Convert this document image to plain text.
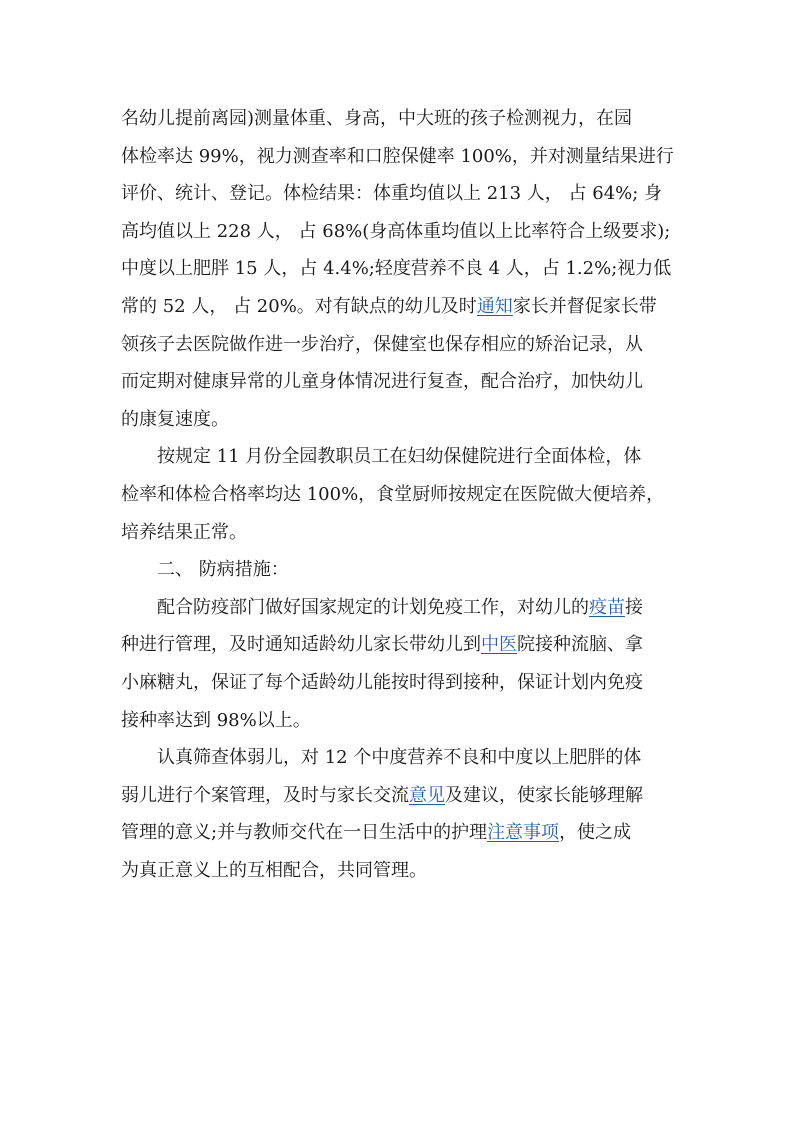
名幼儿提前离园)测量体重、身高，中大班的孩子检测视力，在园
体检率达 99%，视力测查率和口腔保健率 100%，并对测量结果进行
评价、统计、登记。体检结果：体重均值以上 213 人， 占 64%; 身
高均值以上 228 人， 占 68%(身高体重均值以上比率符合上级要求);
中度以上肥胖 15 人，占 4.4%;轻度营养不良 4 人，占 1.2%;视力低
常的 52 人， 占 20%。对有缺点的幼儿及时通知家长并督促家长带
领孩子去医院做作进一步治疗，保健室也保存相应的矫治记录，从
而定期对健康异常的儿童身体情况进行复查，配合治疗，加快幼儿
的康复速度。
按规定 11 月份全园教职员工在妇幼保健院进行全面体检，体
检率和体检合格率均达 100%，食堂厨师按规定在医院做大便培养，
培养结果正常。
二、 防病措施：
配合防疫部门做好国家规定的计划免疫工作，对幼儿的疫苗接
种进行管理，及时通知适龄幼儿家长带幼儿到中医院接种流脑、拿
小麻糖丸，保证了每个适龄幼儿能按时得到接种，保证计划内免疫
接种率达到 98%以上。
认真筛查体弱儿，对 12 个中度营养不良和中度以上肥胖的体
弱儿进行个案管理，及时与家长交流意见及建议，使家长能够理解
管理的意义;并与教师交代在一日生活中的护理注意事项，使之成
为真正意义上的互相配合，共同管理。
